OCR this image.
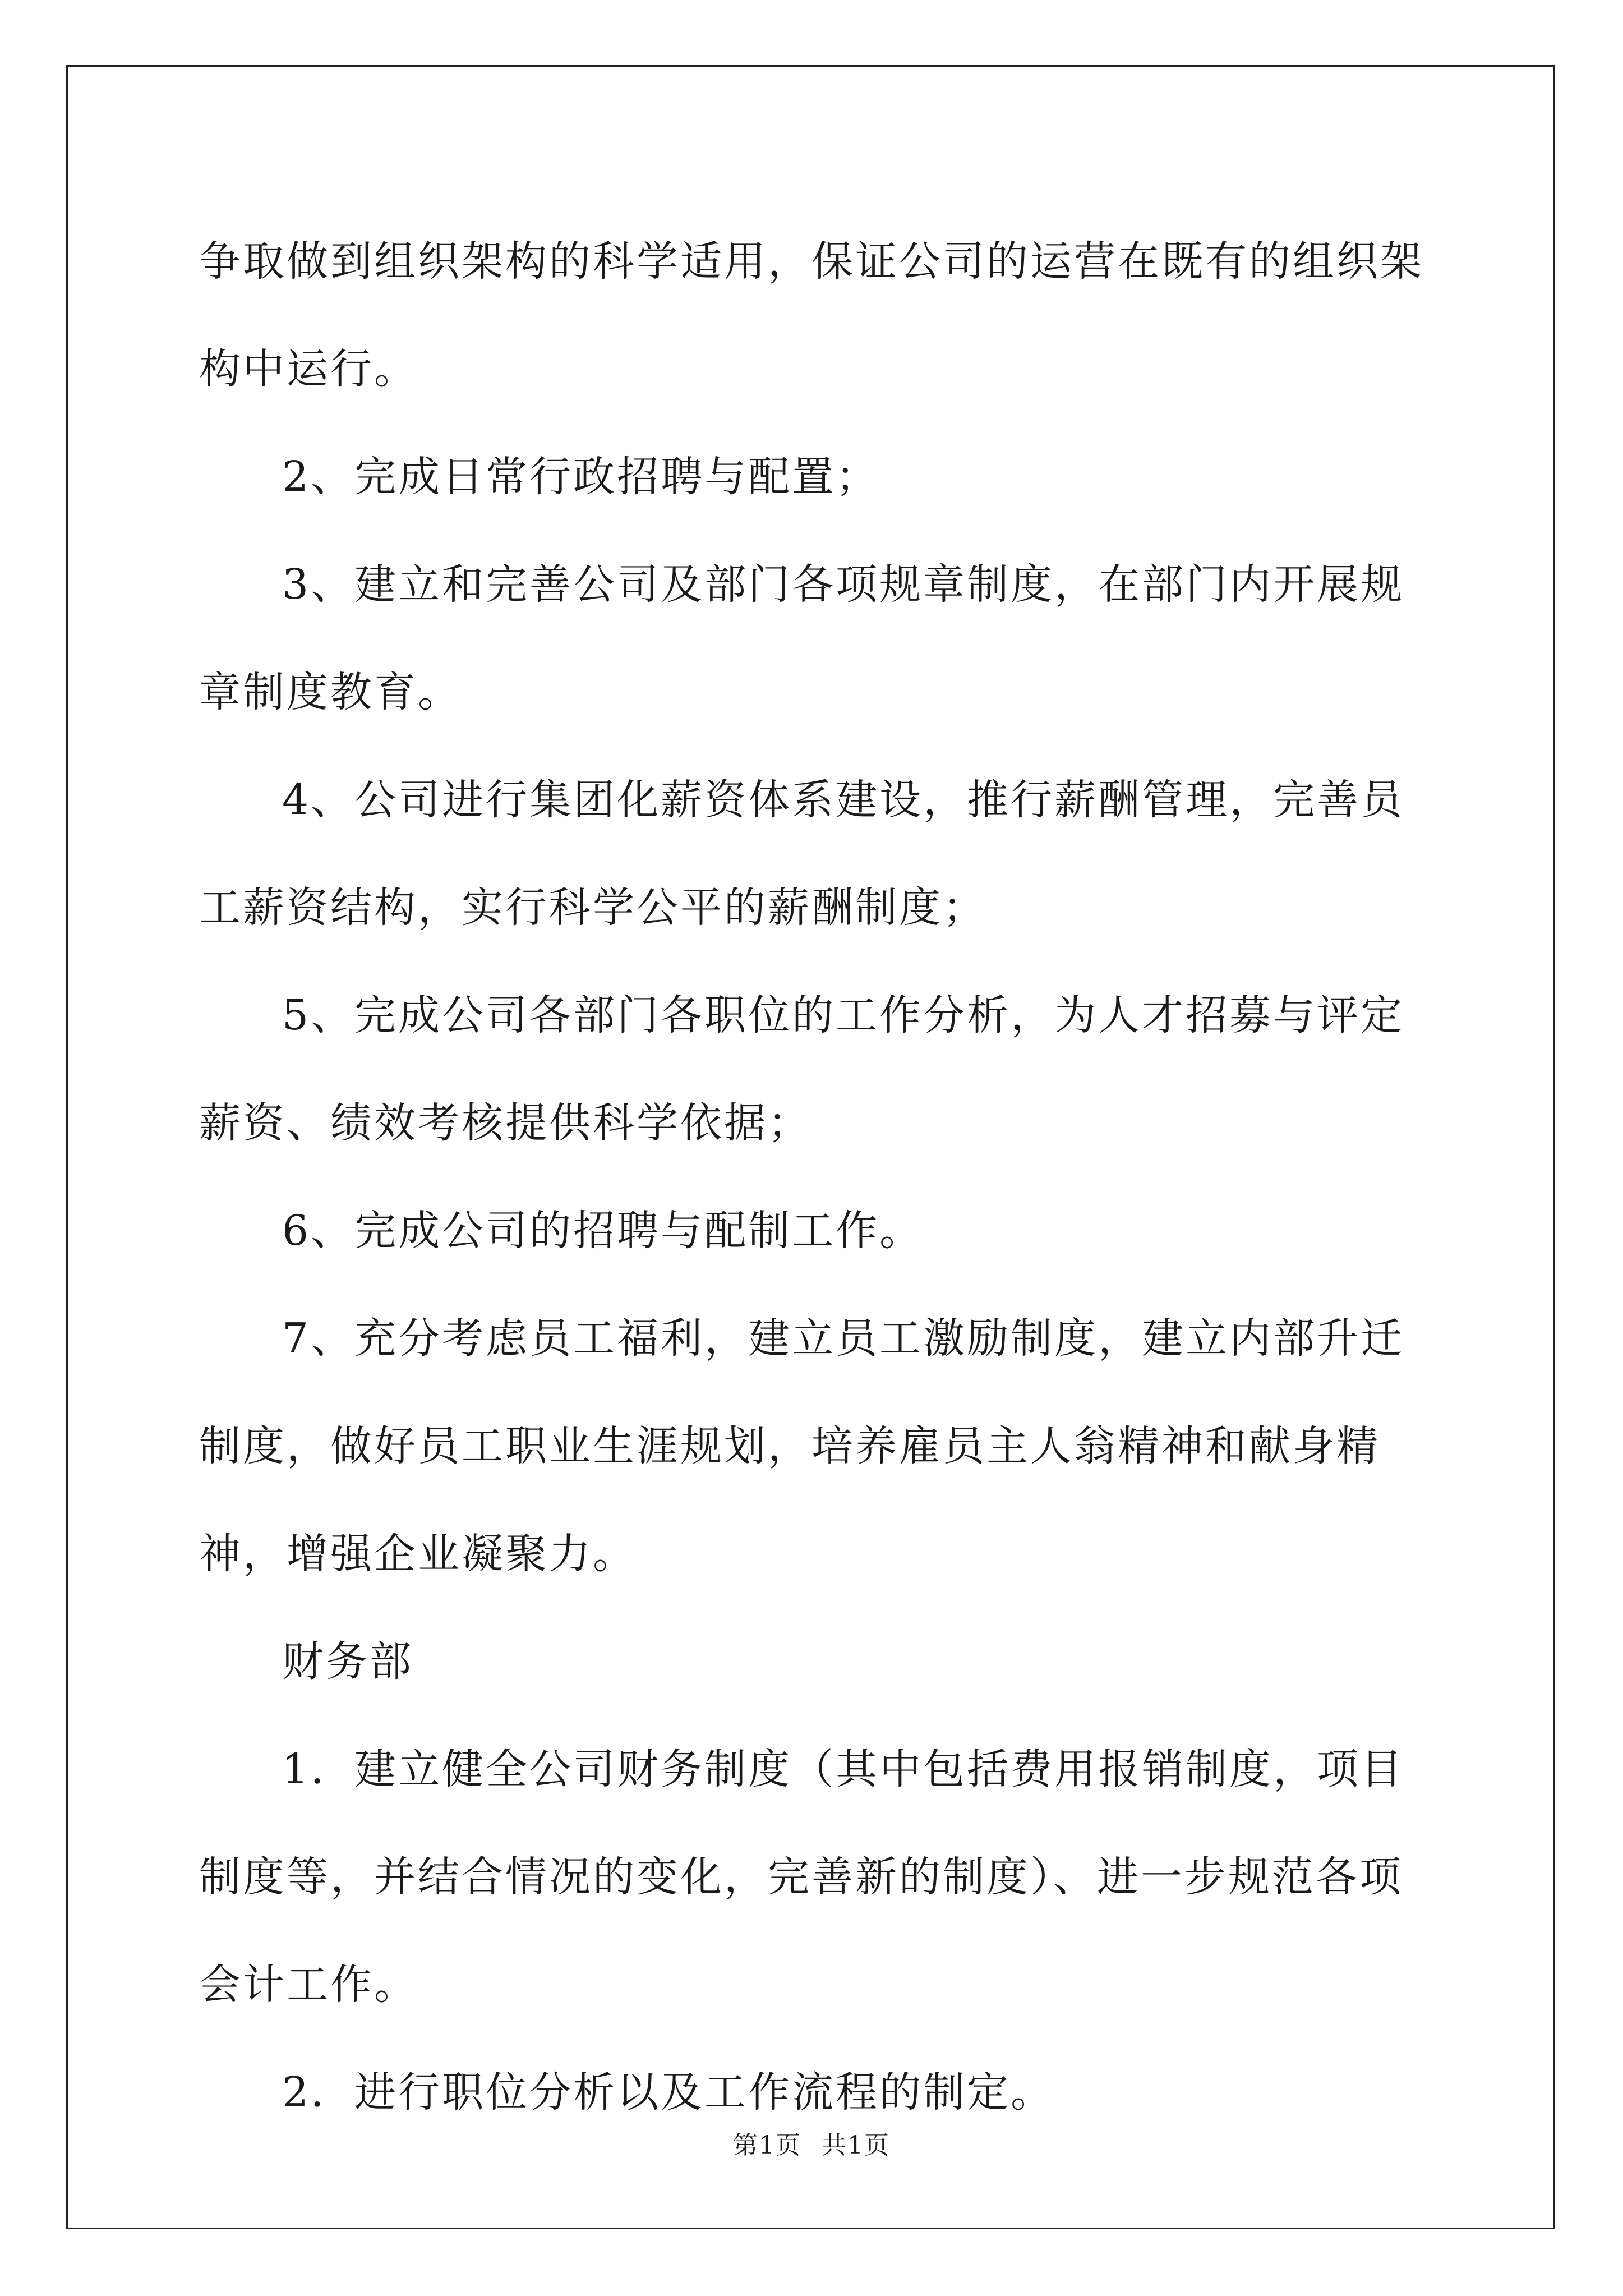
争取做到组织架构的科学适用，保证公司的运营在既有的组织架构中运行。

2、完成日常行政招聘与配置；

3、建立和完善公司及部门各项规章制度，在部门内开展规章制度教育。

4、公司进行集团化薪资体系建设，推行薪酬管理，完善员工薪资结构，实行科学公平的薪酬制度；

5、完成公司各部门各职位的工作分析，为人才招募与评定薪资、绩效考核提供科学依据；

6、完成公司的招聘与配制工作。

7、充分考虑员工福利，建立员工激励制度，建立内部升迁制度，做好员工职业生涯规划，培养雇员主人翁精神和献身精神，增强企业凝聚力。

财务部

1．建立健全公司财务制度（其中包括费用报销制度，项目制度等，并结合情况的变化，完善新的制度）、进一步规范各项会计工作。

2．进行职位分析以及工作流程的制定。

第1页 共1页
